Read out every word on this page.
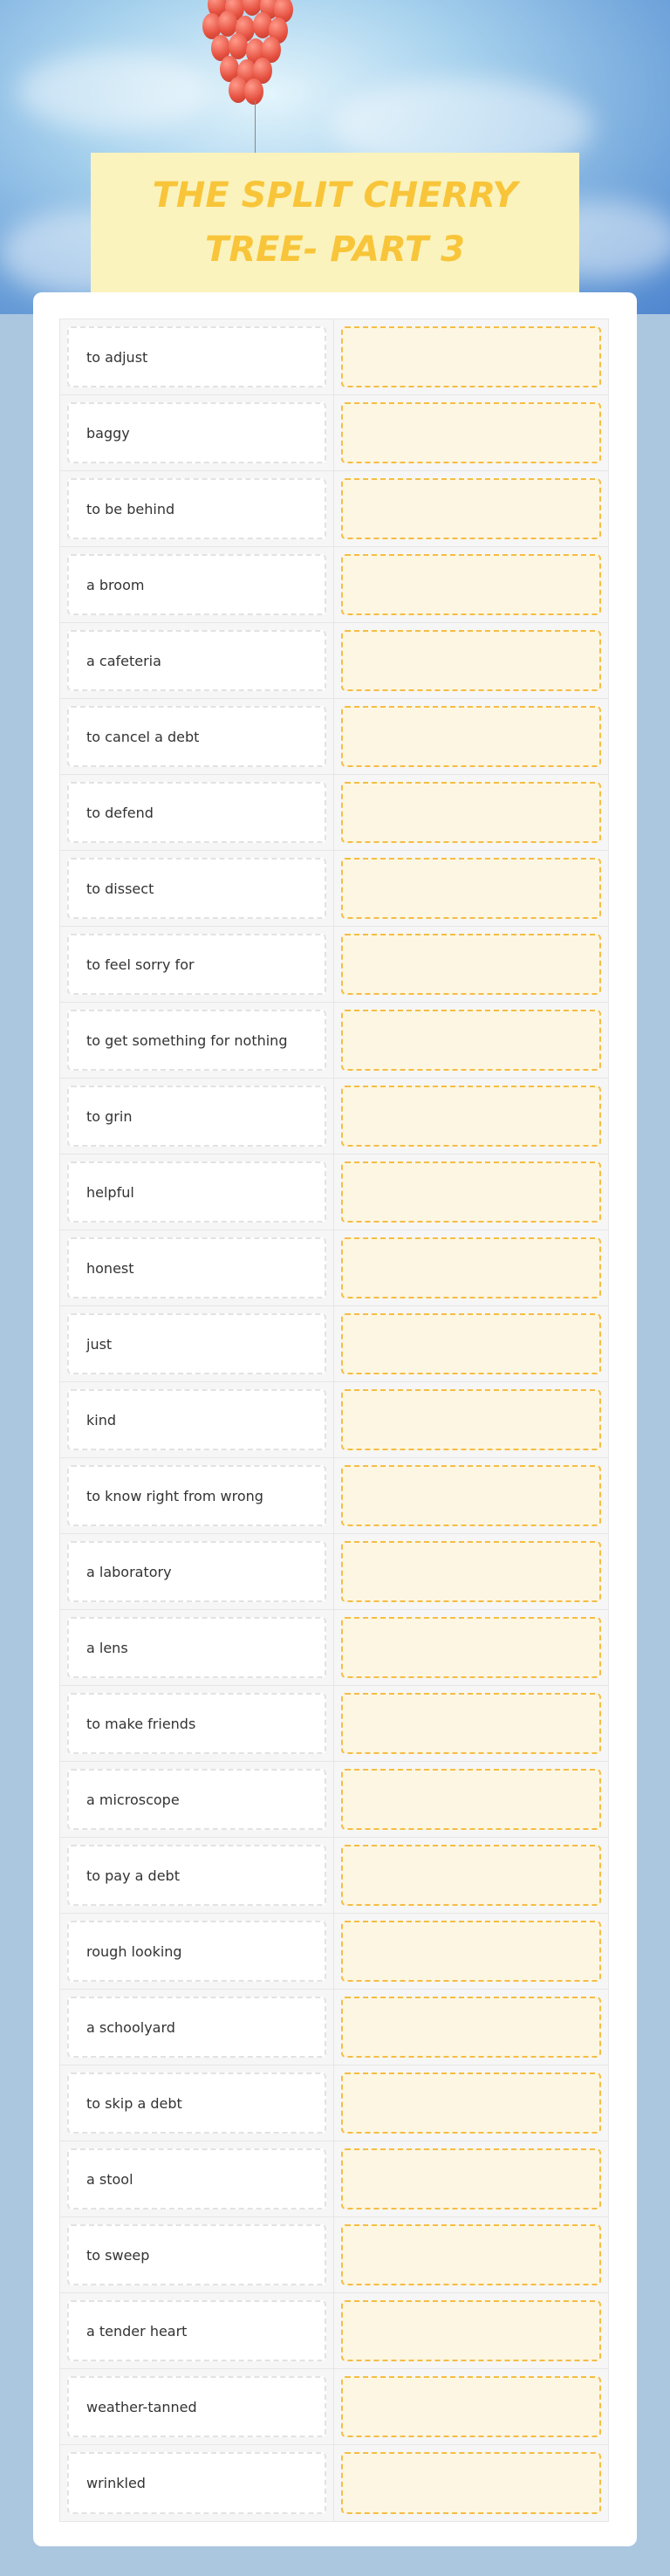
THE SPLIT CHERRY TREE- PART 3
to adjust
baggy
to be behind
a broom
a cafeteria
to cancel a debt
to defend
to dissect
to feel sorry for
to get something for nothing
to grin
helpful
honest
just
kind
to know right from wrong
a laboratory
a lens
to make friends
a microscope
to pay a debt
rough looking
a schoolyard
to skip a debt
a stool
to sweep
a tender heart
weather-tanned
wrinkled
